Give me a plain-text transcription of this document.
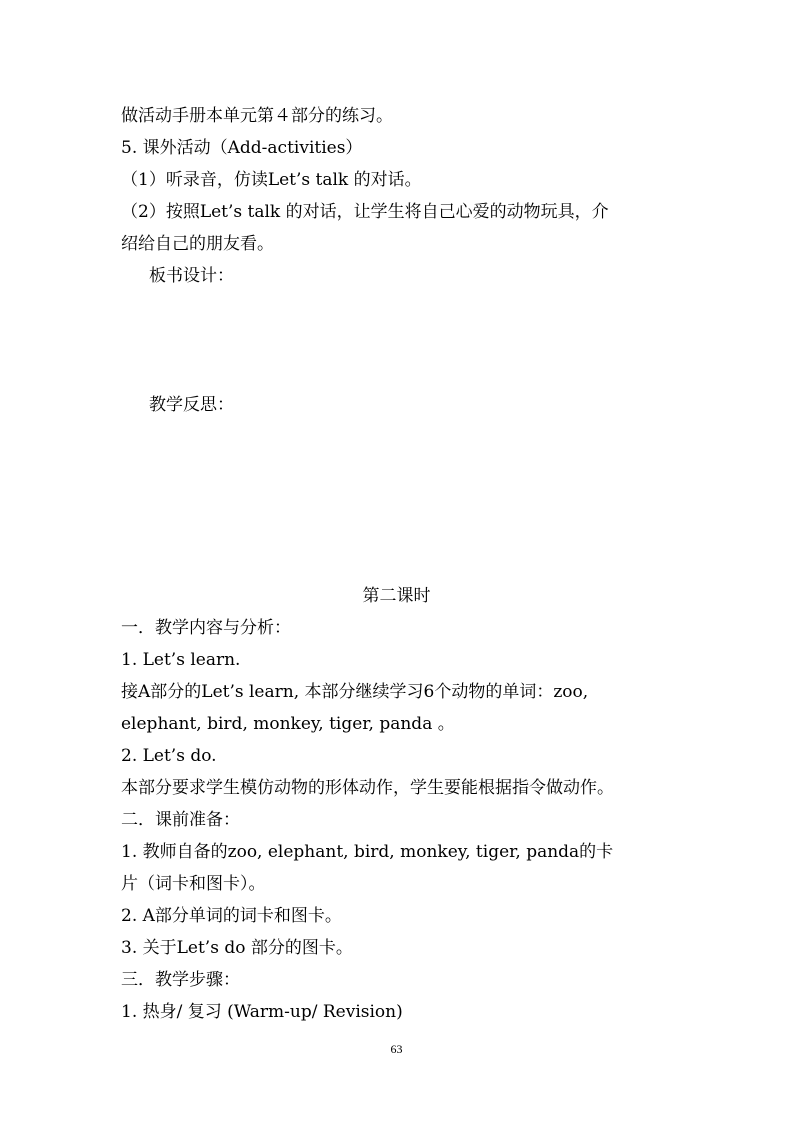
做活动手册本单元第４部分的练习。
5. 课外活动（Add-activities）
（1）听录音，仿读Let’s talk 的对话。
（2）按照Let’s talk 的对话，让学生将自己心爱的动物玩具，介
绍给自己的朋友看。
板书设计：
教学反思：
第二课时
一．教学内容与分析：
1. Let’s learn.
接A部分的Let’s learn, 本部分继续学习6个动物的单词：zoo,
elephant, bird, monkey, tiger, panda 。
2. Let’s do.
本部分要求学生模仿动物的形体动作，学生要能根据指令做动作。
二．课前准备：
1. 教师自备的zoo, elephant, bird, monkey, tiger, panda的卡
片（词卡和图卡）。
2. A部分单词的词卡和图卡。
3. 关于Let’s do 部分的图卡。
三．教学步骤：
1. 热身/ 复习 (Warm-up/ Revision)
63
